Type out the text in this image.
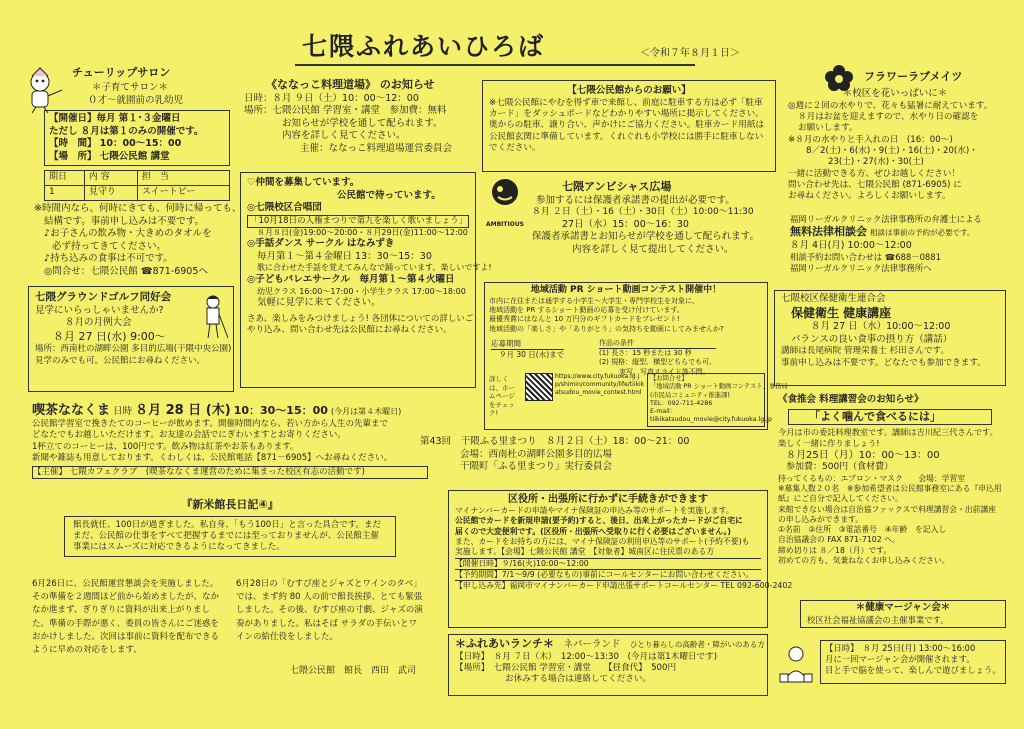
七隈ふれあいひろば	＜令和７年８月１日＞
チューリップサロン
＊子育てサロン＊
０才～就園前の乳幼児
【開催日】毎月 第１･３金曜日
ただし ８月は第１のみの開催です。
【時　間】 10：00～15：00
【場　所】 七隈公民館 講堂
期日	内 容	担　当
1	見守り	スイートピー
※時間内なら、何時にきても、何時に帰っても、
結構です。事前申し込みは不要です。
♪お子さんの飲み物・大きめのタオルを
必ず持ってきてください。
♪持ち込みの食事は不可です。
◎問合せ：七隈公民館 ☎871-6905へ
七隈グラウンドゴルフ同好会
見学にいらっしゃいませんか?
８月の月例大会
８月 27 日(水) 9:00～
場所：西南杜の湖畔公園 多目的広場(干隈中央公園)
見学のみでも可。公民館にお尋ねください。
喫茶ななくま 日時 ８月 28 日 (木) 10：30～15：00 (今月は第４木曜日)
公民館学習室で挽きたてのコーヒーが飲めます。開催時間内なら、若い方から人生の先輩まで
どなたでもお越しいただけます。お友達の会話でにぎわいますとお寄りください。
1杯立てのコーヒーは、100円です。飲み物は紅茶やお茶もあります。
新聞や雑誌も用意しております。くわしくは、公民館電話【871－6905】へお尋ねください。
【主催】 七隈カフェクラブ　(喫茶ななくま運営のために集まった校区有志の活動です)
『新米館長日記④』
館長就任、100日が過ぎました。私自身、「もう100日」と言った具合です。まだまだ、公民館の仕事をすべて把握するまでには至っておりませんが、公民館主催事業にはスムーズに対応できるようになってきました。
6月26日に、公民館運営懇談会を実施しました。その準備を２週間ほど前から始めましたが、なかなか進まず、ぎりぎりに資料が出来上がりました。準備の手際が悪く、委員の皆さんにご迷惑をおかけしました。次回は事前に資料を配布できるように早めの対応をします。
6月28日の「むすび座とジャズとワインのタベ」では、まず約 80 人の前で館長挨拶、とても緊張しました。その後、むすび座の寸劇、ジャズの演奏がありました。私はそば サラダの手伝いとワインの給仕役をしました。
七隈公民館　館長　西田　武司
《ななっこ料理道場》 のお知らせ
日時：８月 ９日（土）10：00～12：00
場所：七隈公民館 学習室・講堂　参加費：無料
お知らせが学校を通して配られます。
内容を詳しく見てください。
主催：ななっこ料理道場運営委員会
♡仲間を募集しています。
公民館で待っています。
◎七隈校区合唱団
「10月18日の人権まつりで第九を楽しく歌いましょう」
８月８日(金)19:00～20:00・８月29日(金)11:00～12:00
◎手話ダンス サークル はなみずき
毎月第１～第４金曜日 13：30～15：30
歌に合わせた手話を覚えてみんなで踊っています。楽しいですよ!
◎子どもバレエサークル　毎月第１～第４火曜日
幼児クラス 16:00～17:00・小学生クラス 17:00～18:00
気軽に見学に来てください。
さあ、楽しみをみつけましょう! 各団体についての詳しいご
やり込み、問い合わせ先は公民館にお尋ねください。
【七隈公民館からのお願い】
※七隈公民館にやむを得ず車で来館し、前庭に駐車する方は必ず「駐車カード」をダッシュボードなどわかりやすい場所に掲示してください。奥からの駐車、譲り合い、声かけにご協力ください。駐車カード用紙は公民館玄関に準備しています。くれぐれも小学校には勝手に駐車しないでください。
AMBITIOUS
七隈アンビシャス広場
参加するには保護者承諾書の提出が必要です。
８月 ２日（土）・16（土）・30日（土）10:00～11:30
27日（水）15：00～16：30
保護者承諾書とお知らせが学校を通して配られます。
内容を詳しく見て提出してください。
地域活動 PR ショート動画コンテスト開催中！
市内に在住または通学する小学生～大学生・専門学校生を対象に、
地域活動を PR するショート動画の応募を受け付けています。
最優秀賞にはなんと 10 万円分のギフトカードをプレゼント!
地域活動の「楽しさ」や「ありがとう」の気持ちを動画にしてみませんか?
応募期間
９月 30 日(水)まで
作品の条件
(1) 長さ：15 秒または 30 秒
(2) 規格：縦型、横型どちらでも可。
実写、写真スライド等不問。
詳しくは、ホームページをチェック!
https://www.city.fukuoka.lg.jp/shimin/community/life/tiikikatsudou_movie_contest.html
【お問合せ】
「地域活動 PR ショート動画コンテスト」事務局
(市民局コミュニティ推進課)
TEL：092-711-4286
E-mail：tiikikatsudou_movie@city.fukuoka.lg.jp
第43回　干隈ふる里まつり　８月２日（土）18：00～21：00
会場：西南杜の湖畔公園多目的広場
干隈町「ふる里まつり」実行委員会
区役所・出張所に行かずに手続きができます
マイナンバーカードの申請やマイナ保険証の申込み等のサポートを実施します。
公民館でカードを新規申請(要予約)すると、後日、出来上がったカードがご自宅に
届くので大変便利です。(区役所・出張所へ受取りに行く必要はございません。)
また、カードをお持ちの方には、マイナ保険証の利用申込等のサポート(予約不要)も
実施します。【会場】七隈公民館 講堂　【対象者】城南区に住民票のある方
【開催日時】９/16(火)10:00～12:00
【予約期間】7/1～9/9 (必要なもの)事前にコールセンターにお問い合わせください。
【申し込み先】福岡市マイナンバーカード申請出張サポートコールセンター TEL 092-600-2402
＊ふれあいランチ＊　 ネバーランド　 ひとり暮らしの高齢者・障がいのある方
【日時】　８月 ７日（木）　12:00～13:30　(今月は第1木曜日です)
【場所】　七隈公民館 学習室・講堂　　【昼食代】　500円
お休みする場合は連絡してください。
フラワーラブメイツ
＊校区を花いっぱいに＊
◎週に２回の水やりで、花々も猛暑に耐えています。
８月はお盆を迎えますので、水やり日の確認を
お願いします。
※８月の水やりと手入れの日　(16：00～)
8／2(土)・6(水)・9(土)・16(土)・20(水)・
23(土)・27(水)・30(土)
一緒に活動できる方、ぜひお越しください！
問い合わせ先は、七隈公民館 (871-6905) に
お尋ねください。よろしくお願いします。
福岡リーガルクリニック法律事務所の弁護士による
無料法律相談会 相談は事前の予約が必要です。
８月 4日(月) 10:00～12:00
相談予約お問い合わせは ☎688－0881
福岡リーガルクリニック法律事務所へ
七隈校区保健衛生連合会
保健衛生 健康講座
８月 27 日（水）10:00～12:00
バランスの良い食事の摂り方（講話）
講師は長尾病院 管理栄養士 杉田さんです。
事前申し込みは不要です。どなたでも参加できます。
《食推会 料理講習会のお知らせ》
「よく噛んで食べるには」
今月は市の委託料理教室です。講師は吉川紀三代さんです。
楽しく一緒に作りましょう!
８月25日（月）10：00～13：00
参加費：500円（食材費）
持ってくるもの：エプロン・マスク　　会場：学習室
※募集人数２０名　※参加希望者は公民館事務室にある『申込用紙』にご自分で記入してください。
来館できない場合は自治協ファックスで料理講習会・出前講座の申し込みができます。
①名前　②住所　③電話番号　④年齢　を記入し
自治協議会の FAX 871-7102 へ。
締め切りは ８／18（月）です。
初めての方も、気兼ねなくお申し込みください。
＊健康マージャン会＊
校区社会福祉協議会の主催事業です。
【日時】　８月 25日(月) 13:00～16:00
月に一回マージャン会が開催されます。
目と手で脳を使って、楽しんで遊びましょう。
